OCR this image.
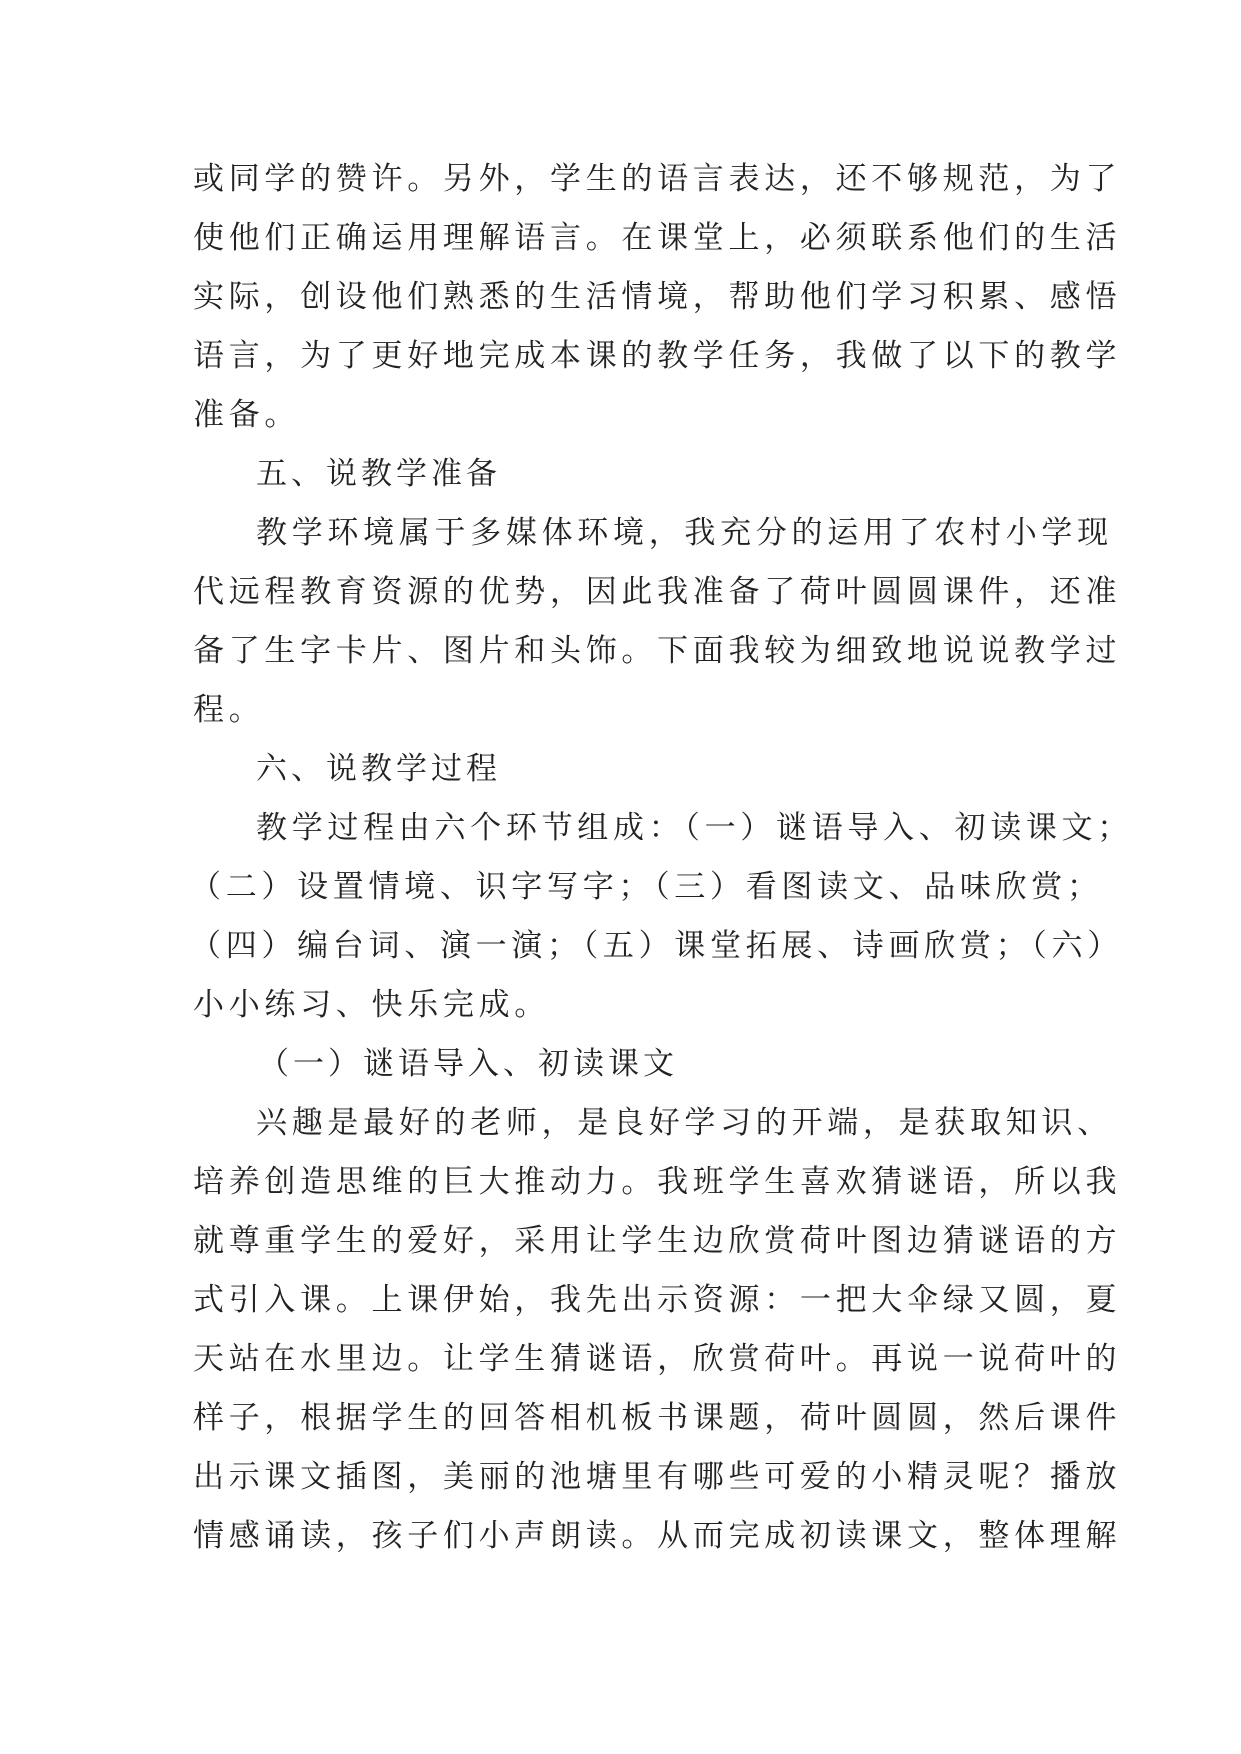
或同学的赞许。另外，学生的语言表达，还不够规范，为了
使他们正确运用理解语言。在课堂上，必须联系他们的生活
实际，创设他们熟悉的生活情境，帮助他们学习积累、感悟
语言，为了更好地完成本课的教学任务，我做了以下的教学
准备。
五、说教学准备
教学环境属于多媒体环境，我充分的运用了农村小学现
代远程教育资源的优势，因此我准备了荷叶圆圆课件，还准
备了生字卡片、图片和头饰。下面我较为细致地说说教学过
程。
六、说教学过程
教学过程由六个环节组成：（一）谜语导入、初读课文；
（二）设置情境、识字写字；（三）看图读文、品味欣赏；
（四）编台词、演一演；（五）课堂拓展、诗画欣赏；（六）
小小练习、快乐完成。
（一）谜语导入、初读课文
兴趣是最好的老师，是良好学习的开端，是获取知识、
培养创造思维的巨大推动力。我班学生喜欢猜谜语，所以我
就尊重学生的爱好，采用让学生边欣赏荷叶图边猜谜语的方
式引入课。上课伊始，我先出示资源：一把大伞绿又圆，夏
天站在水里边。让学生猜谜语，欣赏荷叶。再说一说荷叶的
样子，根据学生的回答相机板书课题，荷叶圆圆，然后课件
出示课文插图，美丽的池塘里有哪些可爱的小精灵呢？播放
情感诵读，孩子们小声朗读。从而完成初读课文，整体理解
